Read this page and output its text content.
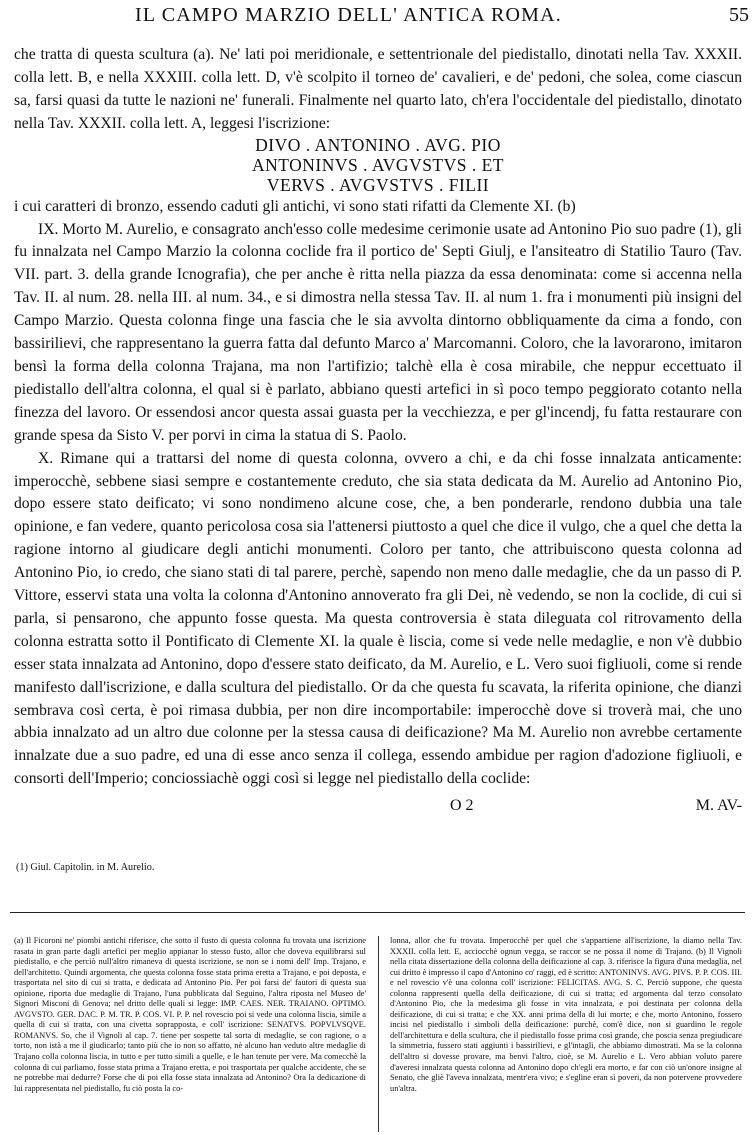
IL CAMPO MARZIO DELL' ANTICA ROMA.	55

che tratta di questa scultura (a). Ne' lati poi meridionale, e settentrionale del piedistallo, dinotati nella Tav. XXXII. colla lett. B, e nella XXXIII. colla lett. D, v'è scolpito il torneo de' cavalieri, e de' pedoni, che solea, come ciascun sa, farsi quasi da tutte le nazioni ne' funerali. Finalmente nel quarto lato, ch'era l'occidentale del piedistallo, dinotato nella Tav. XXXII. colla lett. A, leggesi l'iscrizione:

DIVO . ANTONINO . AVG. PIO
ANTONINVS . AVGVSTVS . ET
VERVS . AVGVSTVS . FILII

i cui caratteri di bronzo, essendo caduti gli antichi, vi sono stati rifatti da Clemente XI. (b)

IX. Morto M. Aurelio, e consagrato anch'esso colle medesime cerimonie usate ad Antonino Pio suo padre (1), gli fu innalzata nel Campo Marzio la colonna coclide fra il portico de' Septi Giulj, e l'ansiteatro di Statilio Tauro (Tav. VII. part. 3. della grande Icnografia), che per anche è ritta nella piazza da essa denominata: come si accenna nella Tav. II. al num. 28. nella III. al num. 34., e si dimostra nella stessa Tav. II. al num 1. fra i monumenti più insigni del Campo Marzio. Questa colonna finge una fascia che le sia avvolta dintorno obbliquamente da cima a fondo, con bassirilievi, che rappresentano la guerra fatta dal defunto Marco a' Marcomanni. Coloro, che la lavorarono, imitaron bensì la forma della colonna Trajana, ma non l'artifizio; talchè ella è cosa mirabile, che neppur eccettuato il piedistallo dell'altra colonna, el qual si è parlato, abbiano questi artefici in sì poco tempo peggiorato cotanto nella finezza del lavoro. Or essendosi ancor questa assai guasta per la vecchiezza, e per gl'incendj, fu fatta restaurare con grande spesa da Sisto V. per porvi in cima la statua di S. Paolo.

X. Rimane qui a trattarsi del nome di questa colonna, ovvero a chi, e da chi fosse innalzata anticamente: imperocchè, sebbene siasi sempre e costantemente creduto, che sia stata dedicata da M. Aurelio ad Antonino Pio, dopo essere stato deificato; vi sono nondimeno alcune cose, che, a ben ponderarle, rendono dubbia una tale opinione, e fan vedere, quanto pericolosa cosa sia l'attenersi piuttosto a quel che dice il vulgo, che a quel che detta la ragione intorno al giudicare degli antichi monumenti. Coloro per tanto, che attribuiscono questa colonna ad Antonino Pio, io credo, che siano stati di tal parere, perchè, sapendo non meno dalle medaglie, che da un passo di P. Vittore, esservi stata una volta la colonna d'Antonino annoverato fra gli Dei, nè vedendo, se non la coclide, di cui si parla, si pensarono, che appunto fosse questa. Ma questa controversia è stata dileguata col ritrovamento della colonna estratta sotto il Pontificato di Clemente XI. la quale è liscia, come si vede nelle medaglie, e non v'è dubbio esser stata innalzata ad Antonino, dopo d'essere stato deificato, da M. Aurelio, e L. Vero suoi figliuoli, come si rende manifesto dall'iscrizione, e dalla scultura del piedistallo. Or da che questa fu scavata, la riferita opinione, che dianzi sembrava così certa, è poi rimasa dubbia, per non dire incomportabile: imperocchè dove si troverà mai, che uno abbia innalzato ad un altro due colonne per la stessa causa di deificazione? Ma M. Aurelio non avrebbe certamente innalzate due a suo padre, ed una di esse anco senza il collega, essendo ambidue per ragion d'adozione figliuoli, e consorti dell'Imperio; conciossiachè oggi così si legge nel piedistallo della coclide:

O 2	M. AV-
(1) Giul. Capitolin. in M. Aurelio.

(a) Il Ficoroni ne' piombi antichi riferisce, che sotto il fusto di questa colonna fu trovata una iscrizione rasata in gran parte dagli artefici per meglio appianar lo stesso fusto, allor che doveva equilibrarsi sul piedistallo, e che perciò null'altro rimaneva di questa iscrizione, se non se i nomi dell' Imp. Trajano, e dell'architetto. Quindi argomenta, che questa colonna fosse stata prima eretta a Trajano, e poi deposta, e trasportata nel sito di cui si tratta, e dedicata ad Antonino Pio. Per poi farsi de' fautori di questa sua opinione, riporta due medaglie di Trajano, l'una pubblicata dal Seguino, l'altra riposta nel Museo de' Signori Misconi di Genova; nel dritto delle quali si legge: IMP. CAES. NER. TRAIANO. OPTIMO. AVGVSTO. GER. DAC. P. M. TR. P. COS. VI. P. P. nel rovescio poi si vede una colonna liscia, simile a quella di cui si tratta, con una civetta soprapposta, e coll' iscrizione: SENATVS. POPVLVSQVE. ROMANVS. So, che il Vignoli al cap. 7. tiene per sospette tal sorta di medaglie, se con ragione, o a torto, non istà a me il giudicarlo; tanto più che io non so affatto, nè alcuno han veduto altre medaglie di Trajano colla colonna liscia, in tutto e per tutto simili a quelle, e le han tenute per vere. Ma comecchè la colonna di cui parliamo, fosse stata prima a Trajano eretta, e poi trasportata per qualche accidente, che se ne potrebbe mai dedurre? Forse che di poi ella fosse stata innalzata ad Antonino? Ora la dedicazione di lui rappresentata nel piedistallo, fu ciò posta la co-

lonna, allor che fu trovata. Imperocchè per quel che s'appartiene all'iscrizione, la diamo nella Tav. XXXII. colla lett. E, acciocchè ognun vegga, se raccor se ne possa il nome di Trajano. (b) Il Vignoli nella citata dissertazione della colonna della deificazione al cap. 3. riferisce la figura d'una medaglia, nel cui dritto è impresso il capo d'Antonino co' raggi, ed è scritto: ANTONINVS. AVG. PIVS. P. P. COS. III. e nel rovescio v'è una colonna coll' iscrizione: FELICITAS. AVG. S. C. Perciò suppone, che questa colonna rappresenti quella della deificazione, di cui si tratta; ed argomenta dal terzo consolato d'Antonino Pio, che la medesima gli fosse in vita innalzata, e poi destinata per colonna della deificazione, di cui si tratta; e che XX. anni prima della di lui morte; e che, morto Antonino, fossero incisi nel piedistallo i simboli della deificazione: purchè, com'è dice, non si guardino le regole dell'architettura e della scultura, che il piedistallo fosse prima così grande, che poscia senza pregiudicare la simmetria, fussero stati aggiunti i bassirilievi, e gl'intagli, che abbiamo dimostrati. Ma se la colonna dell'altro si dovesse provare, ma benvi l'altro, cioè, se M. Aurelio e L. Vero abbian voluto parere d'averesi innalzata questa colonna ad Antonino dopo ch'egli era morto, e far con ciò un'onore insigne al Senato, che gliè l'aveva innalzata, mentr'era vivo; e s'egline eran sì poveri, da non potervene provvedere un'altra.
